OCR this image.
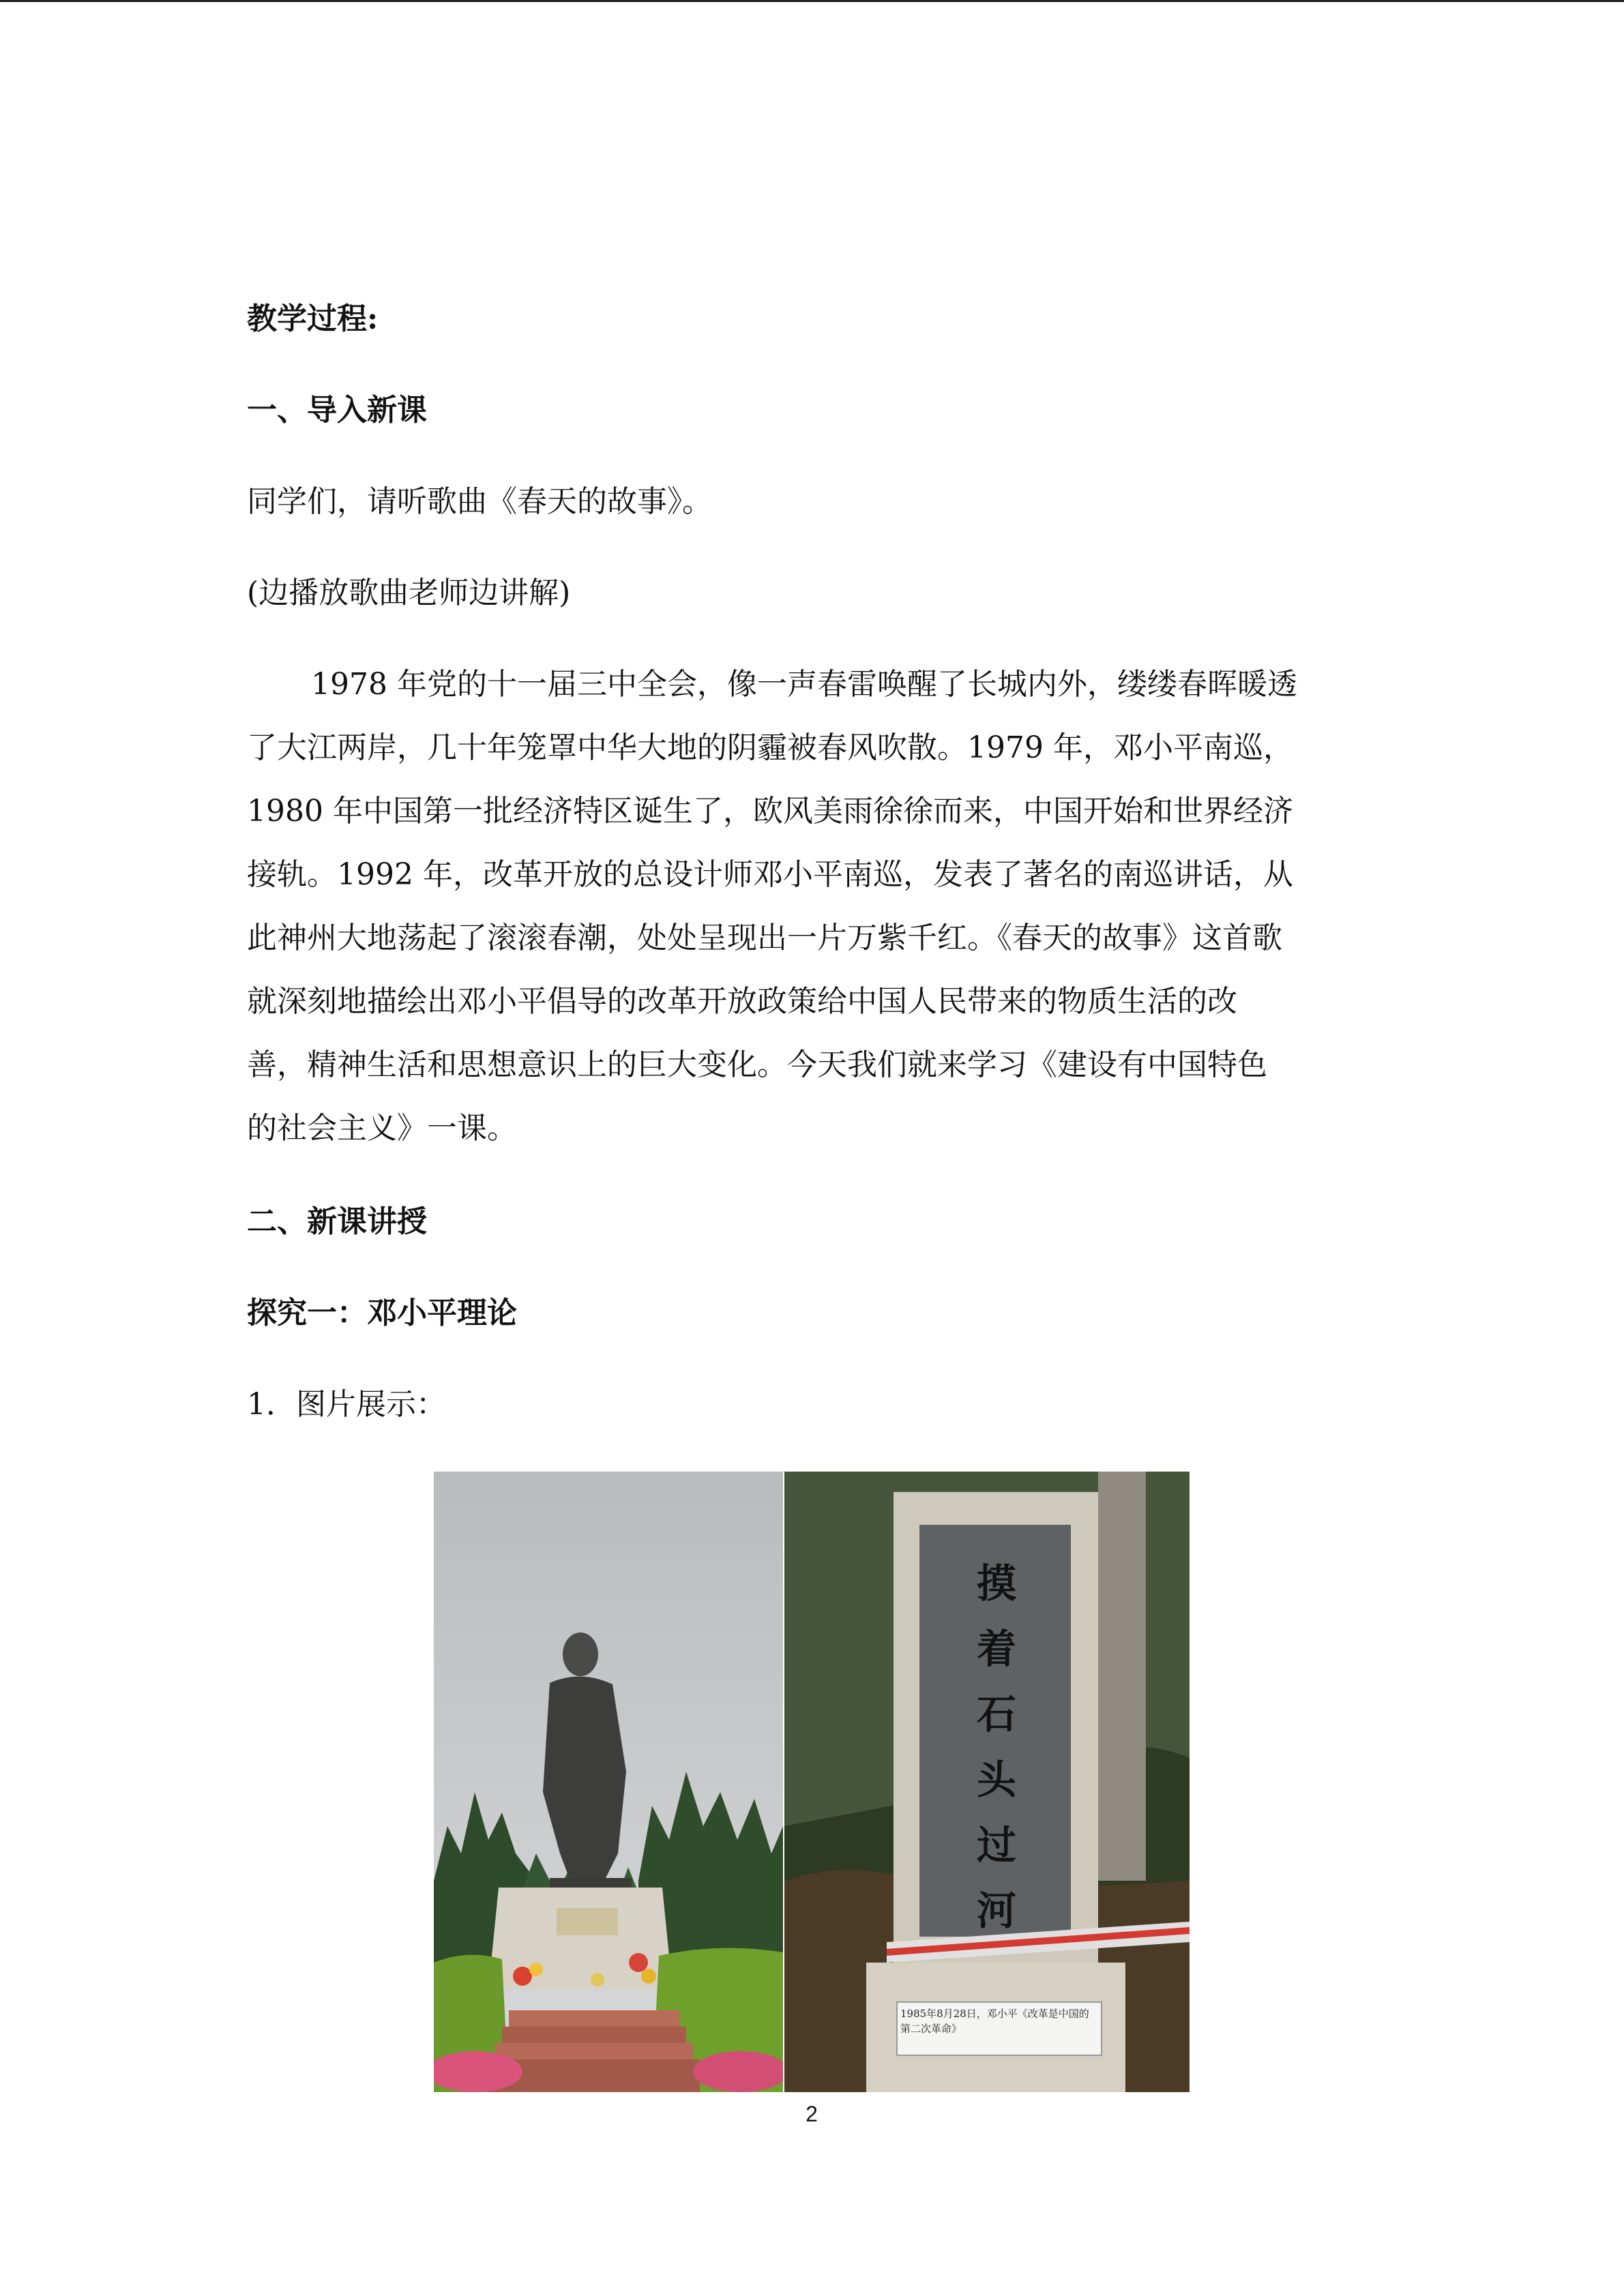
教学过程:

一、导入新课

同学们，请听歌曲《春天的故事》。

(边播放歌曲老师边讲解)

1978 年党的十一届三中全会，像一声春雷唤醒了长城内外，缕缕春晖暖透

了大江两岸，几十年笼罩中华大地的阴霾被春风吹散。1979 年，邓小平南巡，

1980 年中国第一批经济特区诞生了，欧风美雨徐徐而来，中国开始和世界经济

接轨。1992 年，改革开放的总设计师邓小平南巡，发表了著名的南巡讲话，从

此神州大地荡起了滚滚春潮，处处呈现出一片万紫千红。《春天的故事》这首歌

就深刻地描绘出邓小平倡导的改革开放政策给中国人民带来的物质生活的改

善，精神生活和思想意识上的巨大变化。今天我们就来学习《建设有中国特色

的社会主义》一课。

二、新课讲授

探究一：邓小平理论

1．图片展示：

摸
着
石
头
过
河
1985年8月28日，邓小平《改革是中国的
第二次革命》
2
